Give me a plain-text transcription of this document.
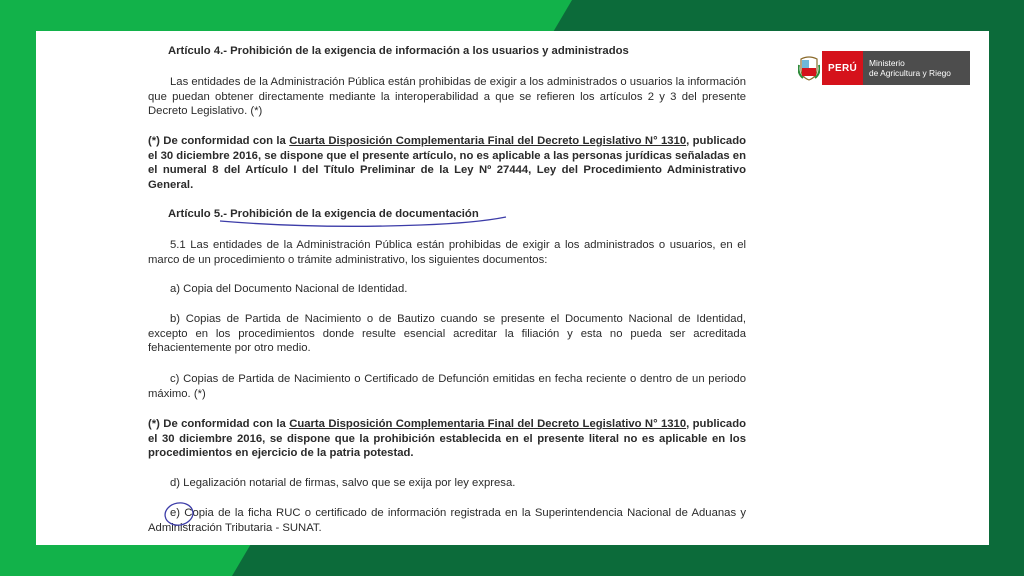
PERÚ	Ministerio
de Agricultura y Riego

Artículo 4.- Prohibición de la exigencia de información a los usuarios y administrados

Las entidades de la Administración Pública están prohibidas de exigir a los administrados o usuarios la información que puedan obtener directamente mediante la interoperabilidad a que se refieren los artículos 2 y 3 del presente Decreto Legislativo. (*)

(*) De conformidad con la Cuarta Disposición Complementaria Final del Decreto Legislativo N° 1310, publicado el 30 diciembre 2016, se dispone que el presente artículo, no es aplicable a las personas jurídicas señaladas en el numeral 8 del Artículo I del Título Preliminar de la Ley Nº 27444, Ley del Procedimiento Administrativo General.

Artículo 5.- Prohibición de la exigencia de documentación

5.1 Las entidades de la Administración Pública están prohibidas de exigir a los administrados o usuarios, en el marco de un procedimiento o trámite administrativo, los siguientes documentos:

a) Copia del Documento Nacional de Identidad.

b) Copias de Partida de Nacimiento o de Bautizo cuando se presente el Documento Nacional de Identidad, excepto en los procedimientos donde resulte esencial acreditar la filiación y esta no pueda ser acreditada fehacientemente por otro medio.

c) Copias de Partida de Nacimiento o Certificado de Defunción emitidas en fecha reciente o dentro de un periodo máximo. (*)

(*) De conformidad con la Cuarta Disposición Complementaria Final del Decreto Legislativo N° 1310, publicado el 30 diciembre 2016, se dispone que la prohibición establecida en el presente literal no es aplicable en los procedimientos en ejercicio de la patria potestad.

d) Legalización notarial de firmas, salvo que se exija por ley expresa.

e) Copia de la ficha RUC o certificado de información registrada en la Superintendencia Nacional de Aduanas y Administración Tributaria - SUNAT.
